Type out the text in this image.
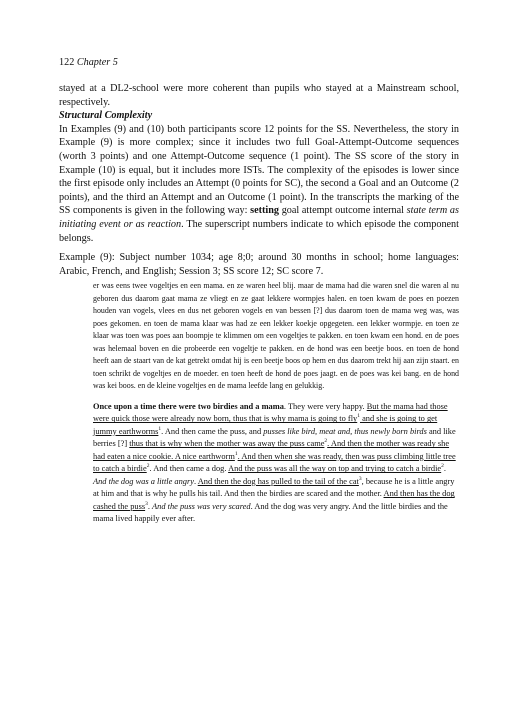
122 Chapter 5

stayed at a DL2-school were more coherent than pupils who stayed at a Mainstream school, respectively.

Structural Complexity

In Examples (9) and (10) both participants score 12 points for the SS. Nevertheless, the story in Example (9) is more complex; since it includes two full Goal-Attempt-Outcome sequences (worth 3 points) and one Attempt-Outcome sequence (1 point). The SS score of the story in Example (10) is equal, but it includes more ISTs. The complexity of the episodes is lower since the first episode only includes an Attempt (0 points for SC), the second a Goal and an Outcome (2 points), and the third an Attempt and an Outcome (1 point). In the transcripts the marking of the SS components is given in the following way: setting goal attempt outcome internal state term as initiating event or as reaction. The superscript numbers indicate to which episode the component belongs.

Example (9): Subject number 1034; age 8;0; around 30 months in school; home languages: Arabic, French, and English; Session 3; SS score 12; SC score 7.

er was eens twee vogeltjes en een mama. en ze waren heel blij. maar de mama had die waren snel die waren al nu geboren dus daarom gaat mama ze vliegt en ze gaat lekkere wormpjes halen. en toen kwam de poes en poezen houden van vogels, vlees en dus net geboren vogels en van bessen [?] dus daarom toen de mama weg was, was poes gekomen. en toen de mama klaar was had ze een lekker koekje opgegeten. een lekker wormpje. en toen ze klaar was toen was poes aan boompje te klimmen om een vogeltjes te pakken. en toen kwam een hond. en de poes was helemaal boven en die probeerde een vogeltje te pakken. en de hond was een beetje boos. en toen de hond heeft aan de staart van de kat getrekt omdat hij is een beetje boos op hem en dus daarom trekt hij aan zijn staart. en toen schrikt de vogeltjes en de moeder. en toen heeft de hond de poes jaagt. en de poes was kei bang. en de hond was kei boos. en de kleine vogeltjes en de mama leefde lang en gelukkig.

Once upon a time there were two birdies and a mama. They were very happy. But the mama had those were quick those were already now born, thus that is why mama is going to fly$^1$ and she is going to get jummy earthworms$^1$. And then came the puss, and pusses like bird, meat and, thus newly born birds and like berries [?] thus that is why when the mother was away the puss came$^2$. And then the mother was ready she had eaten a nice cookie. A nice earthworm$^1$. And then when she was ready, then was puss climbing little tree to catch a birdie$^2$. And then came a dog. And the puss was all the way on top and trying to catch a birdie$^2$. And the dog was a little angry. And then the dog has pulled to the tail of the cat$^3$, because he is a little angry at him and that is why he pulls his tail. And then the birdies are scared and the mother. And then has the dog cashed the puss$^3$. And the puss was very scared. And the dog was very angry. And the little birdies and the mama lived happily ever after.
